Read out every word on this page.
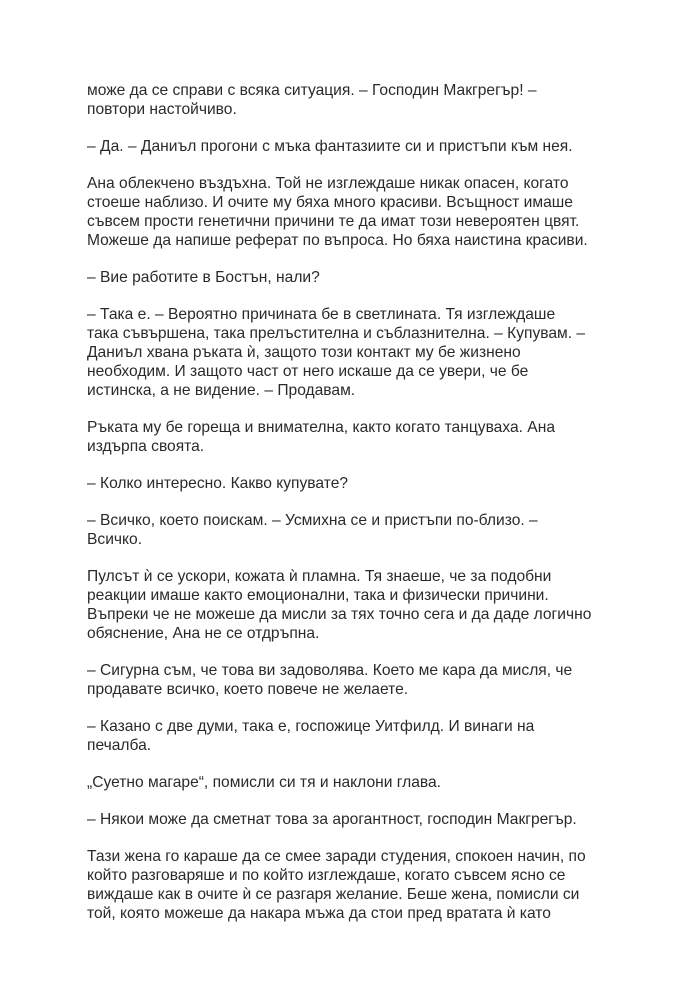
може да се справи с всяка ситуация. – Господин Макгрегър! –
повтори настойчиво.

– Да. – Даниъл прогони с мъка фантазиите си и пристъпи към нея.

Ана облекчено въздъхна. Той не изглеждаше никак опасен, когато
стоеше наблизо. И очите му бяха много красиви. Всъщност имаше
съвсем прости генетични причини те да имат този невероятен цвят.
Можеше да напише реферат по въпроса. Но бяха наистина красиви.

– Вие работите в Бостън, нали?

– Така е. – Вероятно причината бе в светлината. Тя изглеждаше
така съвършена, така прелъстителна и съблазнителна. – Купувам. –
Даниъл хвана ръката ѝ, защото този контакт му бе жизнено
необходим. И защото част от него искаше да се увери, че бе
истинска, а не видение. – Продавам.

Ръката му бе гореща и внимателна, както когато танцуваха. Ана
издърпа своята.

– Колко интересно. Какво купувате?

– Всичко, което поискам. – Усмихна се и пристъпи по-близо. –
Всичко.

Пулсът ѝ се ускори, кожата ѝ пламна. Тя знаеше, че за подобни
реакции имаше както емоционални, така и физически причини.
Въпреки че не можеше да мисли за тях точно сега и да даде логично
обяснение, Ана не се отдръпна.

– Сигурна съм, че това ви задоволява. Което ме кара да мисля, че
продавате всичко, което повече не желаете.

– Казано с две думи, така е, госпожице Уитфилд. И винаги на
печалба.

„Суетно магаре“, помисли си тя и наклони глава.

– Някои може да сметнат това за арогантност, господин Макгрегър.

Тази жена го караше да се смее заради студения, спокоен начин, по
който разговаряше и по който изглеждаше, когато съвсем ясно се
виждаше как в очите ѝ се разгаря желание. Беше жена, помисли си
той, която можеше да накара мъжа да стои пред вратата ѝ като
